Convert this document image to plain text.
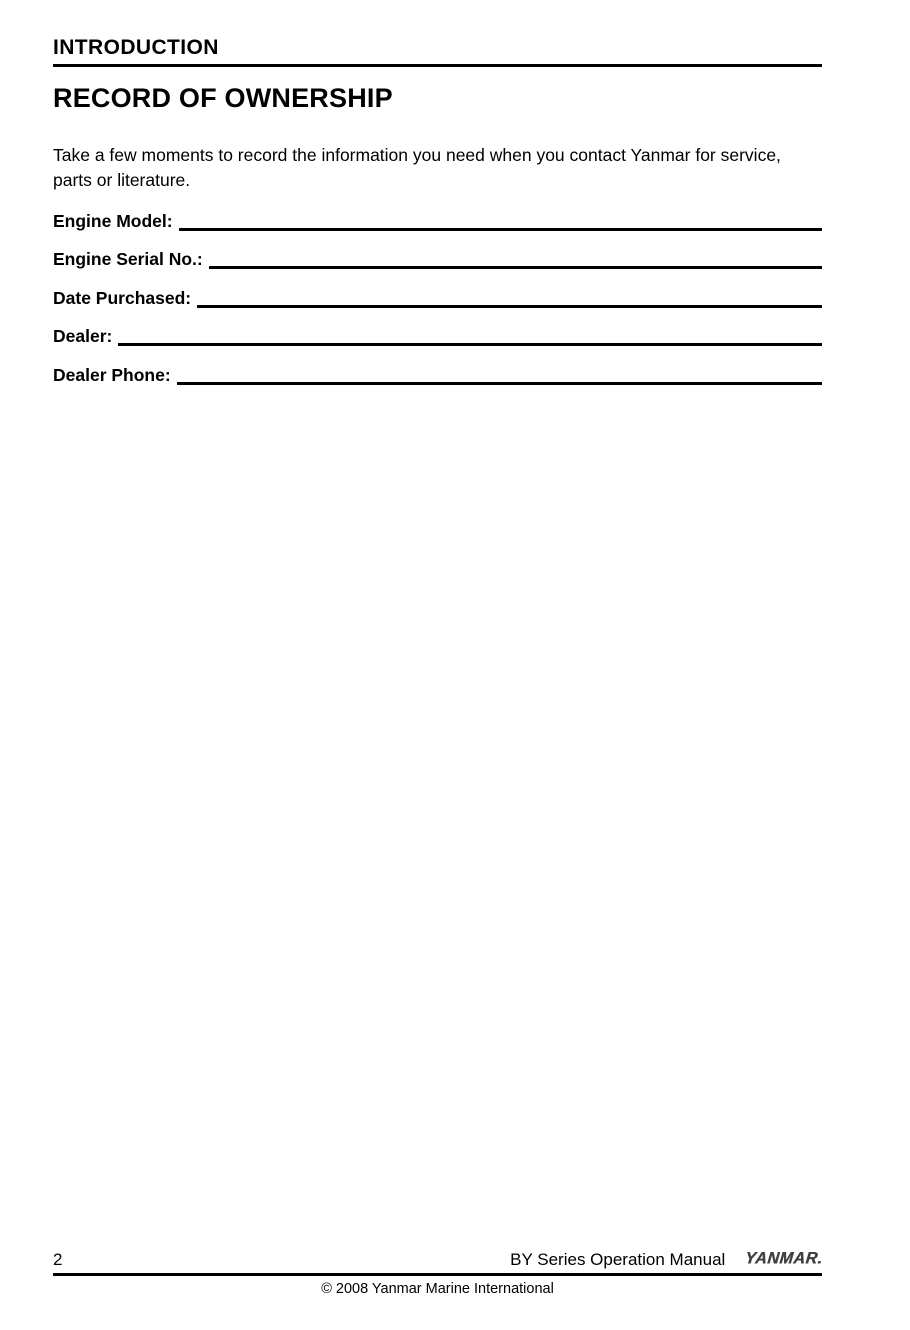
INTRODUCTION
RECORD OF OWNERSHIP

Take a few moments to record the information you need when you contact Yanmar for service, parts or literature.

Engine Model:
Engine Serial No.:
Date Purchased:
Dealer:
Dealer Phone:
2	BY Series Operation Manual YANMAR.
© 2008 Yanmar Marine International
